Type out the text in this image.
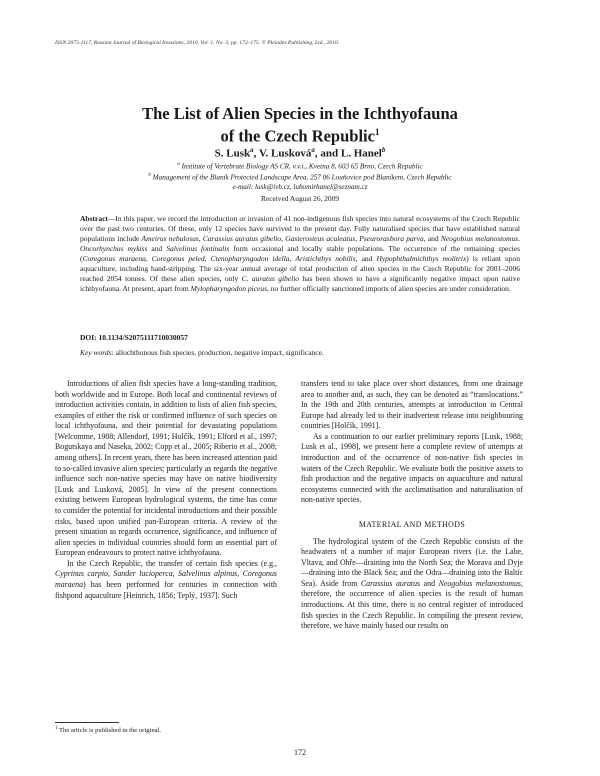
ISSN 2075-1117, Russian Journal of Biological Invasions, 2010, Vol. 1, No. 3, pp. 172–175. © Pleiades Publishing, Ltd., 2010.
The List of Alien Species in the Ichthyofauna
of the Czech Republic$^1$
S. Lusk$^a$, V. Lusková$^a$, and L. Hanel$^b$
$^a$ Institute of Vertebrate Biology AS CR, v.v.i., Kvetna 8, 603 65 Brno, Czech Republic
$^b$ Management of the Blaník Protected Landscape Area, 257 06 Louňovice pod Blaníkem, Czech Republic
e-mail: lusk@ivb.cz, lubomirhanel@seznam.cz
Received August 26, 2009
Abstract—In this paper, we record the introduction or invasion of 41 non-indigenous fish species into natural ecosystems of the Czech Republic over the past two centuries. Of these, only 12 species have survived to the present day. Fully naturalised species that have established natural populations include Ameirus nebulosus, Carassius auratus gibelio, Gasterosteus aculeatus, Pseurorasbora parva, and Neogobius melanostomus. Oncorhynchus mykiss and Salvelinus fontinalis form occasional and locally stable populations. The occurrence of the remaining species (Coregonus maraena, Coregonus peled, Ctenopharyngodon idella, Aristichthys nobilis, and Hypophthalmichthys molitrix) is reliant upon aquaculture, including hand-stripping. The six-year annual average of total production of alien species in the Czech Republic for 2001–2006 reached 2054 tonnes. Of these alien species, only C. auratus gibelio has been shown to have a significantly negative impact upon native ichthyofauna. At present, apart from Mylopharyngodon piceus, no further officially sanctioned imports of alien species are under consideration.
DOI: 10.1134/S2075111710030057
Key words: allochthonous fish species, production, negative impact, significance.

Introductions of alien fish species have a long-standing tradition, both worldwide and in Europe. Both local and continental reviews of introduction activities contain, in addition to lists of alien fish species, examples of either the risk or confirmed influence of such species on local ichthyofauna, and their potential for devastating populations [Welcomme, 1988; Allendorf, 1991; Holčík, 1991; Elford et al., 1997; Bogutskaya and Naseka, 2002; Copp et al., 2005; Riberio et al., 2008; among others]. In recent years, there has been increased attention paid to so-called invasive alien species; particularly as regards the negative influence such non-native species may have on native biodiversity [Lusk and Lusková, 2005]. In view of the present connections existing between European hydrological systems, the time has come to consider the potential for incidental introductions and their possible risks, based upon unified pan-European criteria. A review of the present situation as regards occurrence, significance, and influence of alien species in individual countries should form an essential part of European endeavours to protect native ichthyofauna.

In the Czech Republic, the transfer of certain fish species (e.g., Cyprinus carpio, Sander lucioperca, Salvelinus alpinus, Coregonus maraena) has been performed for centuries in connection with fishpond aquaculture [Heinrich, 1856; Teplý, 1937]. Such

transfers tend to take place over short distances, from one drainage area to another and, as such, they can be denoted as “translocations.” In the 19th and 20th centuries, attempts at introduction in Central Europe had already led to their inadvertent release into neighbouring countries [Holčík, 1991].

As a continuation to our earlier preliminary reports [Lusk, 1988; Lusk et al., 1998], we present here a complete review of attempts at introduction and of the occurrence of non-native fish species in waters of the Czech Republic. We evaluate both the positive assets to fish production and the negative impacts on aquaculture and natural ecosystems connected with the acclimatisation and naturalisation of non-native species.

MATERIAL AND METHODS

The hydrological system of the Czech Republic consists of the headwaters of a number of major European rivers (i.e. the Labe, Vltava, and Ohře—draining into the North Sea; the Morava and Dyje—draining into the Black Sea; and the Odra—draining into the Baltic Sea). Aside from Carassius auratus and Neogobius melanostomus, therefore, the occurrence of alien species is the result of human introductions. At this time, there is no central register of introduced fish species in the Czech Republic. In compiling the present review, therefore, we have mainly based our results on

$^1$ The article is published in the original.
172
